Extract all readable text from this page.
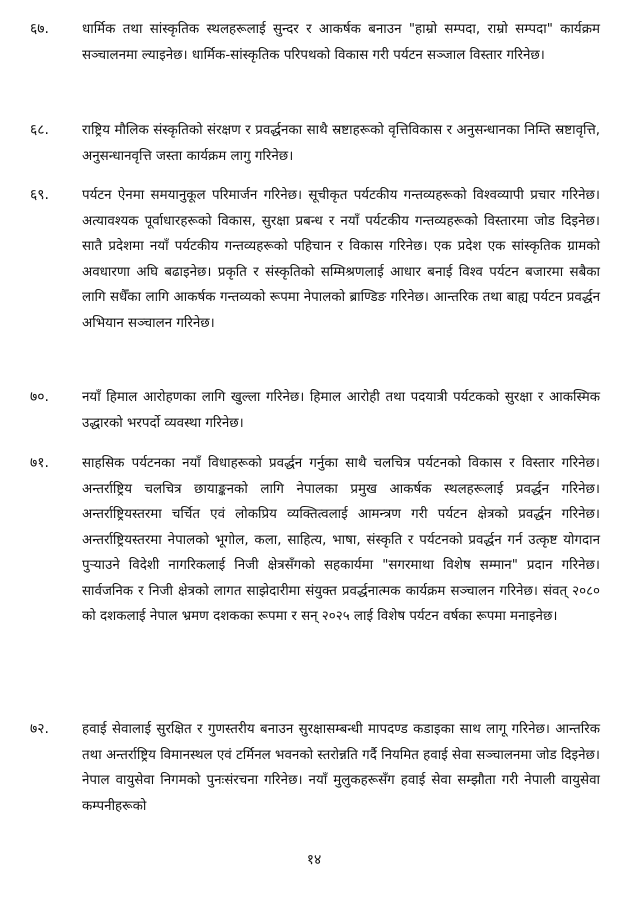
६७.	धार्मिक तथा सांस्कृतिक स्थलहरूलाई सुन्दर र आकर्षक बनाउन "हाम्रो सम्पदा, राम्रो सम्पदा" कार्यक्रम सञ्चालनमा ल्याइनेछ। धार्मिक-सांस्कृतिक परिपथको विकास गरी पर्यटन सञ्जाल विस्तार गरिनेछ।
६८.	राष्ट्रिय मौलिक संस्कृतिको संरक्षण र प्रवर्द्धनका साथै स्रष्टाहरूको वृत्तिविकास र अनुसन्धानका निम्ति स्रष्टावृत्ति, अनुसन्धानवृत्ति जस्ता कार्यक्रम लागु गरिनेछ।
६९.	पर्यटन ऐनमा समयानुकूल परिमार्जन गरिनेछ। सूचीकृत पर्यटकीय गन्तव्यहरूको विश्वव्यापी प्रचार गरिनेछ। अत्यावश्यक पूर्वाधारहरूको विकास, सुरक्षा प्रबन्ध र नयाँ पर्यटकीय गन्तव्यहरूको विस्तारमा जोड दिइनेछ। सातै प्रदेशमा नयाँ पर्यटकीय गन्तव्यहरूको पहिचान र विकास गरिनेछ। एक प्रदेश एक सांस्कृतिक ग्रामको अवधारणा अघि बढाइनेछ। प्रकृति र संस्कृतिको सम्मिश्रणलाई आधार बनाई विश्व पर्यटन बजारमा सबैका लागि सधैँका लागि आकर्षक गन्तव्यको रूपमा नेपालको ब्राण्डिङ गरिनेछ। आन्तरिक तथा बाह्य पर्यटन प्रवर्द्धन अभियान सञ्चालन गरिनेछ।
७०.	नयाँ हिमाल आरोहणका लागि खुल्ला गरिनेछ। हिमाल आरोही तथा पदयात्री पर्यटकको सुरक्षा र आकस्मिक उद्धारको भरपर्दो व्यवस्था गरिनेछ।
७१.	साहसिक पर्यटनका नयाँ विधाहरूको प्रवर्द्धन गर्नुका साथै चलचित्र पर्यटनको विकास र विस्तार गरिनेछ। अन्तर्राष्ट्रिय चलचित्र छायाङ्कनको लागि नेपालका प्रमुख आकर्षक स्थलहरूलाई प्रवर्द्धन गरिनेछ। अन्तर्राष्ट्रियस्तरमा चर्चित एवं लोकप्रिय व्यक्तित्वलाई आमन्त्रण गरी पर्यटन क्षेत्रको प्रवर्द्धन गरिनेछ। अन्तर्राष्ट्रियस्तरमा नेपालको भूगोल, कला, साहित्य, भाषा, संस्कृति र पर्यटनको प्रवर्द्धन गर्न उत्कृष्ट योगदान पुऱ्याउने विदेशी नागरिकलाई निजी क्षेत्रसँगको सहकार्यमा "सगरमाथा विशेष सम्मान" प्रदान गरिनेछ। सार्वजनिक र निजी क्षेत्रको लागत साझेदारीमा संयुक्त प्रवर्द्धनात्मक कार्यक्रम सञ्चालन गरिनेछ। संवत् २०८० को दशकलाई नेपाल भ्रमण दशकका रूपमा र सन् २०२५ लाई विशेष पर्यटन वर्षका रूपमा मनाइनेछ।
७२.	हवाई सेवालाई सुरक्षित र गुणस्तरीय बनाउन सुरक्षासम्बन्धी मापदण्ड कडाइका साथ लागू गरिनेछ। आन्तरिक तथा अन्तर्राष्ट्रिय विमानस्थल एवं टर्मिनल भवनको स्तरोन्नति गर्दै नियमित हवाई सेवा सञ्चालनमा जोड दिइनेछ। नेपाल वायुसेवा निगमको पुनःसंरचना गरिनेछ। नयाँ मुलुकहरूसँग हवाई सेवा सम्झौता गरी नेपाली वायुसेवा कम्पनीहरूको
१४
